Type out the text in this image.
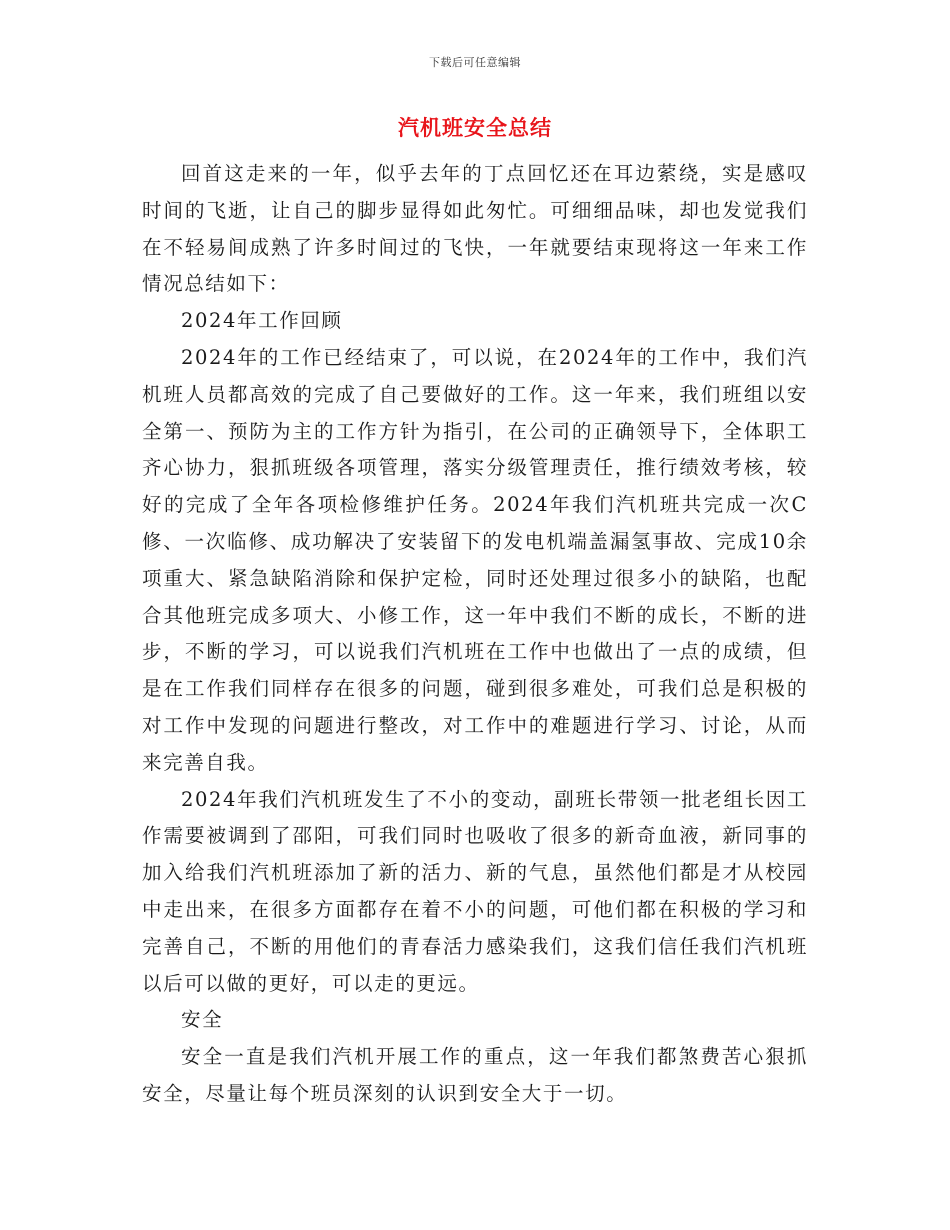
下载后可任意编辑
汽机班安全总结

回首这走来的一年，似乎去年的丁点回忆还在耳边萦绕，实是感叹时间的飞逝，让自己的脚步显得如此匆忙。可细细品味，却也发觉我们在不轻易间成熟了许多时间过的飞快，一年就要结束现将这一年来工作情况总结如下：

2024年工作回顾

2024年的工作已经结束了，可以说，在2024年的工作中，我们汽机班人员都高效的完成了自己要做好的工作。这一年来，我们班组以安全第一、预防为主的工作方针为指引，在公司的正确领导下，全体职工齐心协力，狠抓班级各项管理，落实分级管理责任，推行绩效考核，较好的完成了全年各项检修维护任务。2024年我们汽机班共完成一次C修、一次临修、成功解决了安装留下的发电机端盖漏氢事故、完成10余项重大、紧急缺陷消除和保护定检，同时还处理过很多小的缺陷，也配合其他班完成多项大、小修工作，这一年中我们不断的成长，不断的进步，不断的学习，可以说我们汽机班在工作中也做出了一点的成绩，但是在工作我们同样存在很多的问题，碰到很多难处，可我们总是积极的对工作中发现的问题进行整改，对工作中的难题进行学习、讨论，从而来完善自我。

2024年我们汽机班发生了不小的变动，副班长带领一批老组长因工作需要被调到了邵阳，可我们同时也吸收了很多的新奇血液，新同事的加入给我们汽机班添加了新的活力、新的气息，虽然他们都是才从校园中走出来，在很多方面都存在着不小的问题，可他们都在积极的学习和完善自己，不断的用他们的青春活力感染我们，这我们信任我们汽机班以后可以做的更好，可以走的更远。

安全

安全一直是我们汽机开展工作的重点，这一年我们都煞费苦心狠抓安全，尽量让每个班员深刻的认识到安全大于一切。
